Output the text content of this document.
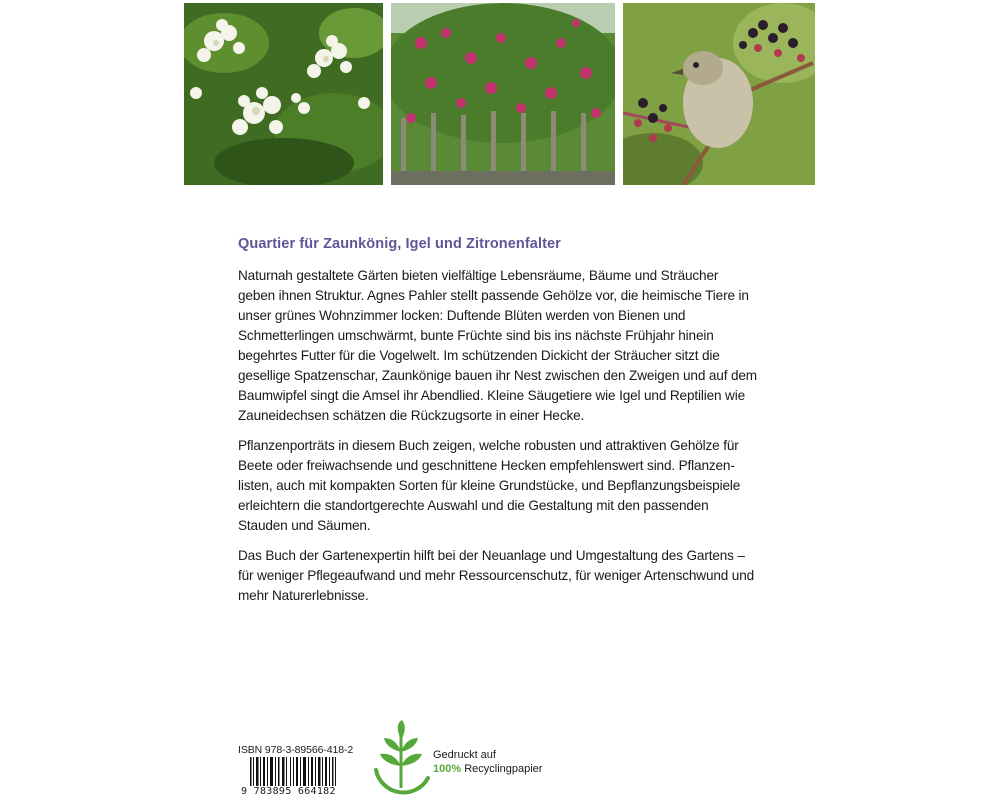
Quartier für Zaunkönig, Igel und Zitronenfalter

Naturnah gestaltete Gärten bieten vielfältige Lebensräume, Bäume und Sträucher geben ihnen Struktur. Agnes Pahler stellt passende Gehölze vor, die heimische Tiere in unser grünes Wohnzimmer locken: Duftende Blüten werden von Bienen und Schmetterlingen umschwärmt, bunte Früchte sind bis ins nächste Frühjahr hinein begehrtes Futter für die Vogelwelt. Im schützenden Dickicht der Sträucher sitzt die gesellige Spatzenschar, Zaunkönige bauen ihr Nest zwischen den Zweigen und auf dem Baumwipfel singt die Amsel ihr Abendlied. Kleine Säugetiere wie Igel und Reptilien wie Zauneidechsen schätzen die Rückzugsorte in einer Hecke.

Pflanzenporträts in diesem Buch zeigen, welche robusten und attraktiven Gehölze für Beete oder freiwachsende und geschnittene Hecken empfehlenswert sind. Pflanzen-listen, auch mit kompakten Sorten für kleine Grundstücke, und Bepflanzungsbeispiele erleichtern die standortgerechte Auswahl und die Gestaltung mit den passenden Stauden und Säumen.

Das Buch der Gartenexpertin hilft bei der Neuanlage und Umgestaltung des Gartens – für weniger Pflegeaufwand und mehr Ressourcenschutz, für weniger Artenschwund und mehr Naturerlebnisse.

ISBN 978-3-89566-418-2
9 783895 664182
Gedruckt auf
100% Recyclingpapier
